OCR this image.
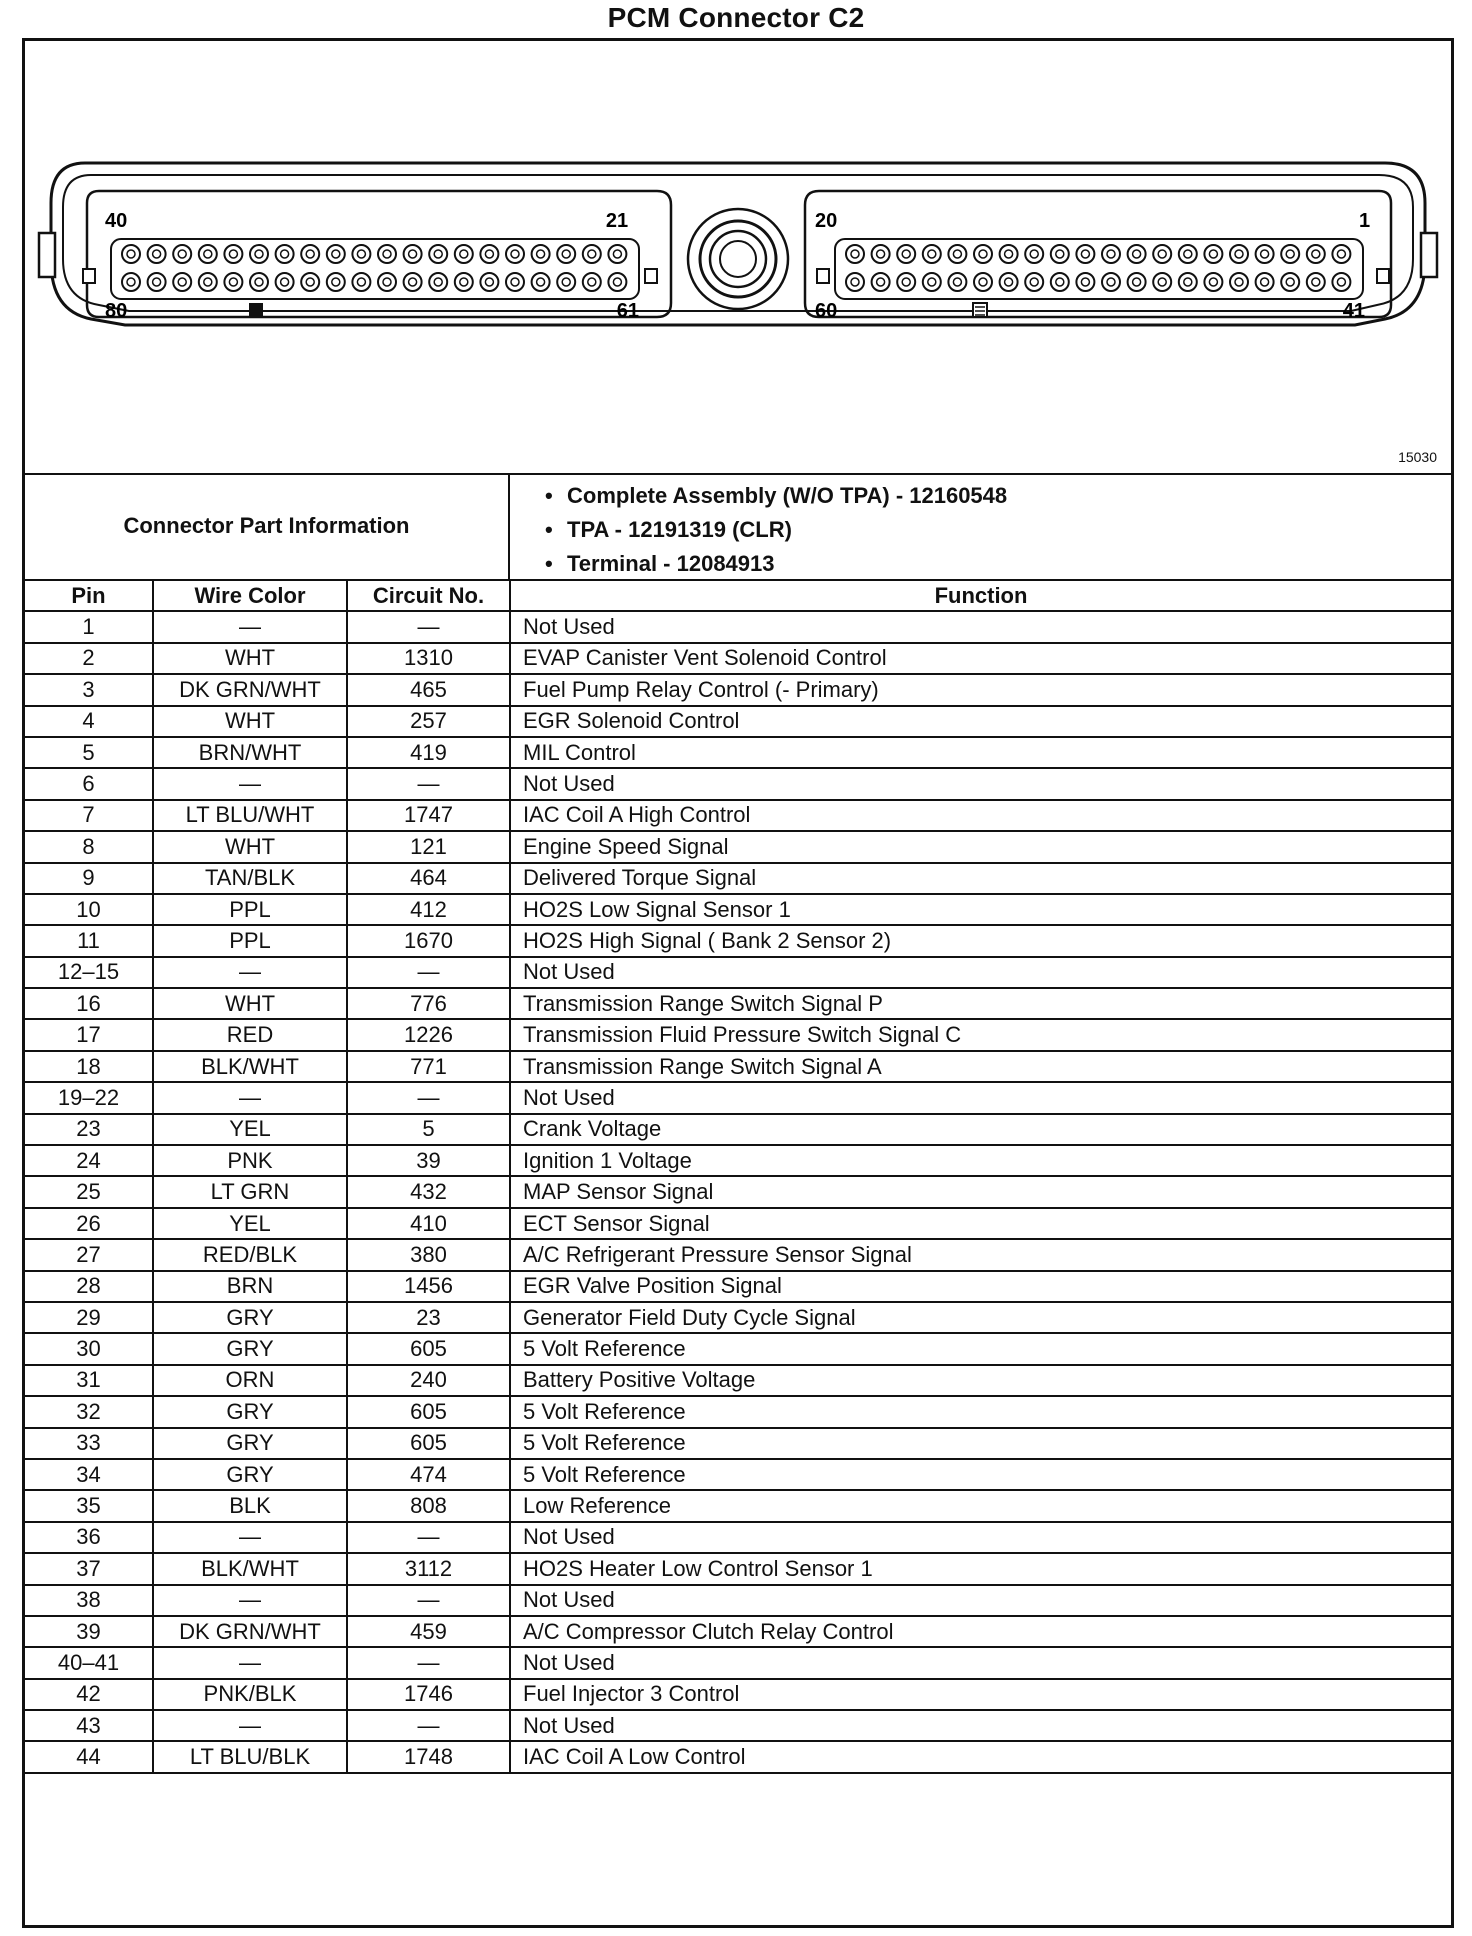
PCM Connector C2
40	21
80	61
20	1
60	41
15030
Connector Part Information
• Complete Assembly (W/O TPA) - 12160548
• TPA - 12191319 (CLR)
• Terminal - 12084913
Pin	Wire Color	Circuit No.	Function
1	—	—	Not Used
2	WHT	1310	EVAP Canister Vent Solenoid Control
3	DK GRN/WHT	465	Fuel Pump Relay Control (- Primary)
4	WHT	257	EGR Solenoid Control
5	BRN/WHT	419	MIL Control
6	—	—	Not Used
7	LT BLU/WHT	1747	IAC Coil A High Control
8	WHT	121	Engine Speed Signal
9	TAN/BLK	464	Delivered Torque Signal
10	PPL	412	HO2S Low Signal Sensor 1
11	PPL	1670	HO2S High Signal ( Bank 2 Sensor 2)
12–15	—	—	Not Used
16	WHT	776	Transmission Range Switch Signal P
17	RED	1226	Transmission Fluid Pressure Switch Signal C
18	BLK/WHT	771	Transmission Range Switch Signal A
19–22	—	—	Not Used
23	YEL	5	Crank Voltage
24	PNK	39	Ignition 1 Voltage
25	LT GRN	432	MAP Sensor Signal
26	YEL	410	ECT Sensor Signal
27	RED/BLK	380	A/C Refrigerant Pressure Sensor Signal
28	BRN	1456	EGR Valve Position Signal
29	GRY	23	Generator Field Duty Cycle Signal
30	GRY	605	5 Volt Reference
31	ORN	240	Battery Positive Voltage
32	GRY	605	5 Volt Reference
33	GRY	605	5 Volt Reference
34	GRY	474	5 Volt Reference
35	BLK	808	Low Reference
36	—	—	Not Used
37	BLK/WHT	3112	HO2S Heater Low Control Sensor 1
38	—	—	Not Used
39	DK GRN/WHT	459	A/C Compressor Clutch Relay Control
40–41	—	—	Not Used
42	PNK/BLK	1746	Fuel Injector 3 Control
43	—	—	Not Used
44	LT BLU/BLK	1748	IAC Coil A Low Control
